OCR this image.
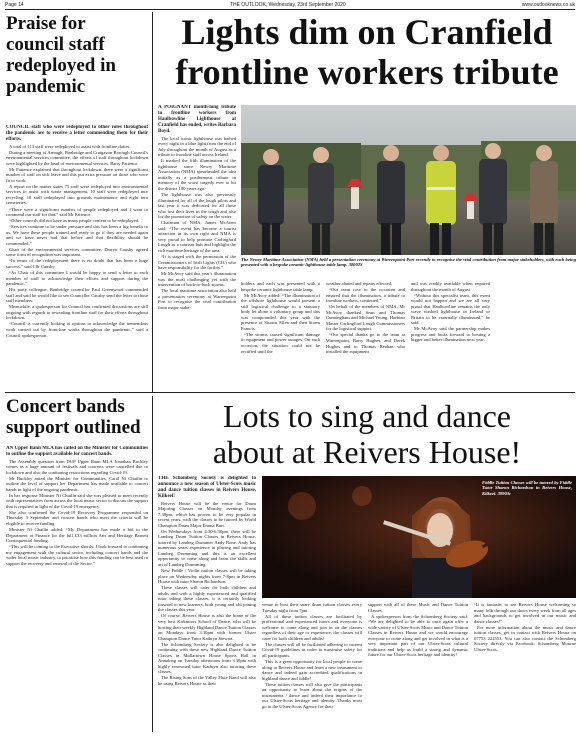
Page 14	THE OUTLOOK, Wednesday, 23rd September 2020	www.outlooknews.co.uk
Praise for council staff redeployed in pandemic

COUNCIL staff who were redeployed to other roles throughout the pandemic are to receive a letter commending them for their efforts.

A total of 113 staff were redeployed to assist with frontline duties.

During a meeting of Armagh, Banbridge and Craigavon Borough Council's environmental services committee, the efforts of staff throughout lockdown were highlighted by the head of environmental services, Barry Patience.

Mr Patience explained that throughout lockdown, there were a significant number of staff on sick leave and this put extra pressure on those who were fit to work.

A report on the matter states 75 staff were redeployed into environmental services to assist with waste management, 10 staff were redeployed into recycling, 18 staff redeployed into grounds maintenance and eight into cemeteries.

“There were a significant number of people redeployed and I want to commend our staff for that,” said Mr Patience.

“Other councils did not have as many people content to be redeployed.

“Services continue to be under pressure and this has been a big benefit to us. We have these people trained and ready to go if they are needed again and we have never had that before and that flexibility should be commended.”

Chair of the environmental services committee, Darryn Causby agreed some form of recognition was important.

“In terms of the redeployment there is no doubt that has been a huge success,” said Cllr Causby.

“As Chair of this committee I would be happy to send a letter to each member of staff to acknowledge their efforts and support during the pandemic.”

His party colleague, Banbridge councillor Paul Greenwood commended staff and said he would like to see Councillor Causby send the letter to those staff members.

Meanwhile, a spokesperson for Council has confirmed discussions are still ongoing with regards to rewarding frontline staff for their efforts throughout lockdown.

“Council is currently looking at options to acknowledge the tremendous work carried out by front-line works throughout the pandemic,” said a Council spokesperson.

Lights dim on Cranfield
frontline workers tribute

A POIGNANT month-long tribute to frontline workers from Haulbowline Lighthouse at Cranfield has ended, writes Barbara Boyd.

The local iconic lighthouse was bathed every night in a blue light from the end of July throughout the month of August as a tribute to frontline staff across Ireland.

It marked the fifth illumination of the lighthouse since Newry Maritime Association (NMA) spearheaded the idea initially as a posthumous tribute in memory of the worst tragedy ever to hit the district 100 years ago.

The lighthouse was also previously illuminated for all of the lough pilots and last year it was dedicated for all those who lost their lives in the tough and also for the promotion of safety on the water.

Chairman of NMA, James McAteer said: “The event has become a tourist attraction in its own right and NMA is very proud to help promote Carlingford Lough as a tourism hub and highlight the rich maritime heritage of the area.

“It is staged with the permission of the Commissioners of Irish Lights (CIL) who have responsibility for the facility.”

Mr McAvoy said this year's illumination was the most challenging yet with the intervention of back-to-back storms.

The local maritime association also held a presentation ceremony at Warrenpoint Port to recognise the vital contribution from major stake-

The Newry Maritime Association (NMA) held a presentation ceremony at Warrenpoint Port recently to recognise the vital contribution from major stakeholders, with each being presented with a bespoke ceramic lighthouse table lamp. 38002S

holders and each was presented with a bespoke ceramic lighthouse table lamp.

Mr McAvoy added: “The illumination of the offshore lighthouse would present a stiff logistical challenge to a statutory body let alone a voluntary group and this was compounded this year with the presence of Storms Ellen and then Storm Francis.

“The storms caused significant damage to equipment and power outages. On each occasion, the situation could not be rectified until the

weather abated and repairs effected.

“Our team rose to the occasion and ensured that the illumination, a tribute to frontline workers, continued.”

On behalf of the members of NMA, Mr McAvoy thanked Sean and Thomas Cunningham and Michael Young, Harbour Master Carlingford Lough Commissioners for the logistical support.

“Our special thanks go to the team at Warrenpoint, Barry Hughes, and Derek Hughes and to Thomas Beahan who installed the equipment

and was readily available when required throughout the month of August.

“Without this specialist team, this event would not happen and we are all very proud that Haulbowline remains the only wave washed lighthouse in Ireland or Britain to be externally illuminated,” he said.

Mr McAvoy said the partnership makes progress and looks forward to hosting a bigger and better illumination next year.

Concert bands support outlined

AN Upper Bann MLA has called on the Minister for Communities to outline the support available for concert bands.

The Assembly question from DUP Upper Bann MLA Jonathan Buckley comes as a huge amount of festivals and concerts were cancelled due to lockdown and also the continuing restrictions regarding Covid-19.

Mr Buckley asked the Minister for Communities, Carál Ní Chuilín to outline the level of support her Department has made available to concert bands in light of the ongoing pandemic.

In her response Minister Ní Chuilín said she was pleased to meet recently with representatives from across the local music sector to discuss the support that is required in light of the Covid-19 emergency.

She also confirmed the Covid-19 Recovery Programme responded on Thursday 3 September and concert bands who meet the criteria will be eligible to receive funding.

Minister Ní Chuilín added: “My Department has made a bid to the Department of Finance for the full £33 million Arts and Heritage Barnett Consequential funding.

“This will be coming to the Executive shortly. I look forward to continuing my engagement with the cultural sector, including concert bands and the wider local music industry, to prioritise how this funding can be best used to support the recovery and renewal of the Sector.”

Lots to sing and dance
about at Reivers House!

THE Schomberg Society is delighted to announce a new season of Ulster-Scots music and dance tuition classes in Reivers House, Kilkeel!

Reivers House will be the venue for Drum Majoring Classes on Monday evenings from 7:30pm, which has proven to be very popular in recent years, with the classes to be tutored by World Champion Drum Major Emma Burr.

On Wednesdays from 4:30-6:30pm, there will be Lambeg Drum Tuition Classes in Reivers House, tutored by Lambeg Drummer Andy Bone. Andy has numerous years experience in playing and tutoring Lambeg Drumming and this is an excellent opportunity to come along and learn the skills and art of Lambeg Drumming.

New Fiddle / Violin tuition classes will be taking place on Wednesday nights from 7-8pm in Reivers House with tutor Sharon Richardson.

These classes will cater for both children and adults and with a highly experienced and qualified tutor taking these classes, it is certainly looking forward to new learners, both young and old joining the classes this year.

Of course, Reivers House is also the home of the very best Kirkmoris School of Dance, who will be hosting their weekly Highland Dance Tuition Classes on Mondays from 3.30pm with former Ulster Champion Dance Tutor Kathryn Stewart.

The Schomberg Society is also delighted to be continuing with these new Highland Dance Tuition Classes in Mullartown House Sports Hall in Annalong on Tuesday afternoons from 3.30pm with highly renowned tutor Kathryn also tutoring these classes.

The Rising Sons of the Valley Flute Band will also be using Reivers House as their

Fiddle Tuition Classes will be tutored by Fiddle Tutor Sharon Richardson in Reivers House, Kilkeel. 39903c

venue to host their snare drum tuition classes every Tuesday night from 7pm.

All of these tuition classes are facilitated by professional and experienced tutors and everyone is welcome to come along and join in on the classes regardless of their age or experience, the classes will cater for both children and adults!

The classes will all be facilitated adhering to current Covid-19 guidelines in order to maximise safety for all participants.

This is a great opportunity for local people to come along to Reivers House and learn a new instrument or dance and indeed gain accredited qualifications in highland dance and fiddle!

These tuition classes will also give the participants an opportunity to learn about the origins of the instruments / dance and indeed their importance to our Ulster-Scots heritage and identity. Thanks must go to the Ulster-Scots Agency for their

support with all of these Music and Dance Tuition Classes.

A spokesperson from the Schomberg Society said: “We are delighted to be able to once again offer a wide variety of Ulster-Scots Music and Dance Tuition Classes in Reivers House and we would encourage everyone to come along and get involved in what is a very important part of our Ulster-Scots cultural traditions and help us build a strong and dynamic future for our Ulster-Scots heritage and identity!

“It is fantastic to see Reivers House welcoming so many folk through our doors every week from all ages and backgrounds to get involved in our music and dance classes!”

For more information about the music and dance tuition classes, get in contact with Reivers House on 07753 222553. You can also contact the Schomberg Society directly via Facebook: Schomberg Mourne Ulster-Scots.
